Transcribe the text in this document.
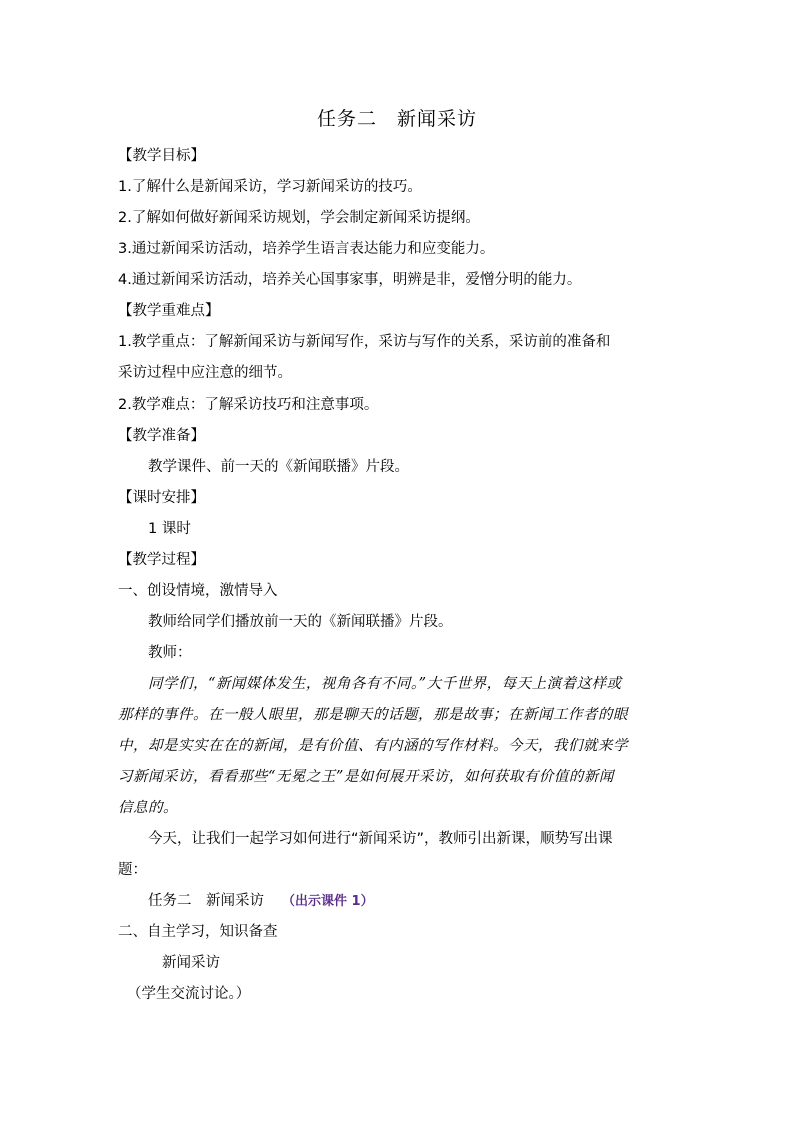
任务二　新闻采访
【教学目标】
1.了解什么是新闻采访，学习新闻采访的技巧。
2.了解如何做好新闻采访规划，学会制定新闻采访提纲。
3.通过新闻采访活动，培养学生语言表达能力和应变能力。
4.通过新闻采访活动，培养关心国事家事，明辨是非，爱憎分明的能力。
【教学重难点】
1.教学重点：了解新闻采访与新闻写作，采访与写作的关系，采访前的准备和
采访过程中应注意的细节。
2.教学难点：了解采访技巧和注意事项。
【教学准备】
教学课件、前一天的《新闻联播》片段。
【课时安排】
1 课时
【教学过程】
一、创设情境，激情导入
教师给同学们播放前一天的《新闻联播》片段。
教师：
同学们，“新闻媒体发生，视角各有不同。”大千世界，每天上演着这样或
那样的事件。在一般人眼里，那是聊天的话题，那是故事；在新闻工作者的眼
中，却是实实在在的新闻，是有价值、有内涵的写作材料。今天，我们就来学
习新闻采访，看看那些“无冕之王”是如何展开采访，如何获取有价值的新闻
信息的。
今天，让我们一起学习如何进行“新闻采访”，教师引出新课，顺势写出课
题：
任务二　新闻采访 （出示课件 1）
二、自主学习，知识备查
新闻采访
（学生交流讨论。）
